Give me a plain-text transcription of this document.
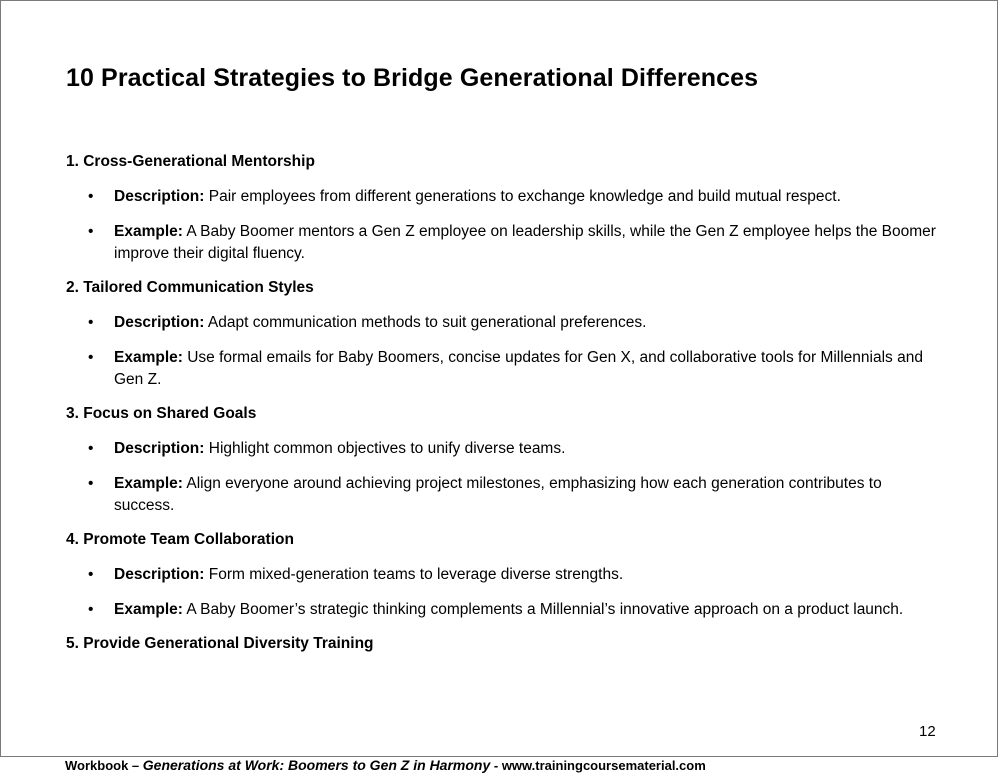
10 Practical Strategies to Bridge Generational Differences
1. Cross-Generational Mentorship
• Description: Pair employees from different generations to exchange knowledge and build mutual respect.
• Example: A Baby Boomer mentors a Gen Z employee on leadership skills, while the Gen Z employee helps the Boomer improve their digital fluency.
2. Tailored Communication Styles
• Description: Adapt communication methods to suit generational preferences.
• Example: Use formal emails for Baby Boomers, concise updates for Gen X, and collaborative tools for Millennials and Gen Z.
3. Focus on Shared Goals
• Description: Highlight common objectives to unify diverse teams.
• Example: Align everyone around achieving project milestones, emphasizing how each generation contributes to success.
4. Promote Team Collaboration
• Description: Form mixed-generation teams to leverage diverse strengths.
• Example: A Baby Boomer’s strategic thinking complements a Millennial’s innovative approach on a product launch.
5. Provide Generational Diversity Training
12
Workbook – Generations at Work: Boomers to Gen Z in Harmony - www.trainingcoursematerial.com
